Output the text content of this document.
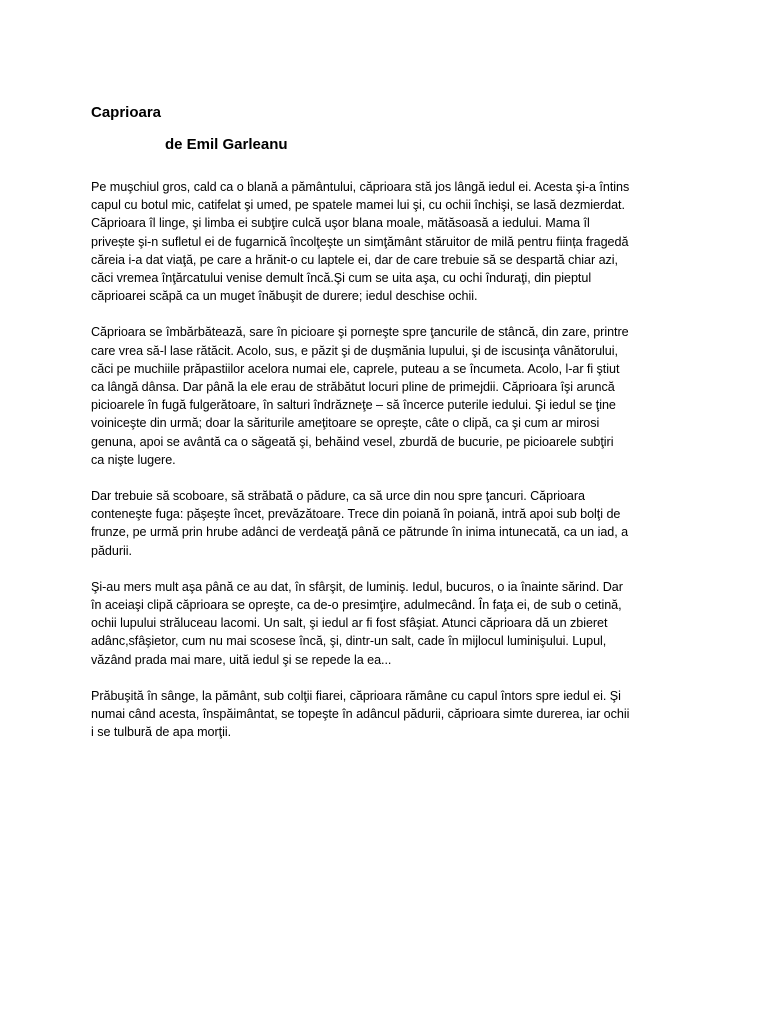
Caprioara
de Emil Garleanu

Pe muşchiul gros, cald ca o blană a pământului, căprioara stă jos lângă iedul ei. Acesta şi-a întins
capul cu botul mic, catifelat şi umed, pe spatele mamei lui şi, cu ochii închişi, se lasă dezmierdat.
Căprioara îl linge, şi limba ei subţire culcă uşor blana moale, mătăsoasă a iedului. Mama îl
privește şi-n sufletul ei de fugarnică încolţeşte un simţământ stăruitor de milă pentru ființa fragedă
căreia i-a dat viaţă, pe care a hrănit-o cu laptele ei, dar de care trebuie să se despartă chiar azi,
căci vremea înţărcatului venise demult încă.Şi cum se uita aşa, cu ochi înduraţi, din pieptul
căprioarei scăpă ca un muget înăbuşit de durere; iedul deschise ochii.

Căprioara se îmbărbătează, sare în picioare şi porneşte spre ţancurile de stâncă, din zare, printre
care vrea să-l lase rătăcit. Acolo, sus, e păzit şi de duşmănia lupului, şi de iscusinţa vânătorului,
căci pe muchiile prăpastiilor acelora numai ele, caprele, puteau a se încumeta. Acolo, l-ar fi ştiut
ca lângă dânsa. Dar până la ele erau de străbătut locuri pline de primejdii. Căprioara îşi aruncă
picioarele în fugă fulgerătoare, în salturi îndrăzneţe – să încerce puterile iedului. Şi iedul se ţine
voiniceşte din urmă; doar la săriturile ameţitoare se opreşte, câte o clipă, ca şi cum ar mirosi
genuna, apoi se avântă ca o săgeată şi, behăind vesel, zburdă de bucurie, pe picioarele subţiri
ca nişte lugere.

Dar trebuie să scoboare, să străbată o pădure, ca să urce din nou spre ţancuri. Căprioara
conteneşte fuga: păşeşte încet, prevăzătoare. Trece din poiană în poiană, intră apoi sub bolţi de
frunze, pe urmă prin hrube adânci de verdeaţă până ce pătrunde în inima intunecată, ca un iad, a
pădurii.

Şi-au mers mult aşa până ce au dat, în sfârşit, de luminiş. Iedul, bucuros, o ia înainte sărind. Dar
în aceiaşi clipă căprioara se opreşte, ca de-o presimţire, adulmecând. În faţa ei, de sub o cetină,
ochii lupului străluceau lacomi. Un salt, şi iedul ar fi fost sfâşiat. Atunci căprioara dă un zbieret
adânc,sfâşietor, cum nu mai scosese încă, şi, dintr-un salt, cade în mijlocul luminişului. Lupul,
văzând prada mai mare, uită iedul şi se repede la ea...

Prăbuşită în sânge, la pământ, sub colţii fiarei, căprioara rămâne cu capul întors spre iedul ei. Şi
numai când acesta, înspăimântat, se topeşte în adâncul pădurii, căprioara simte durerea, iar ochii
i se tulbură de apa morţii.
